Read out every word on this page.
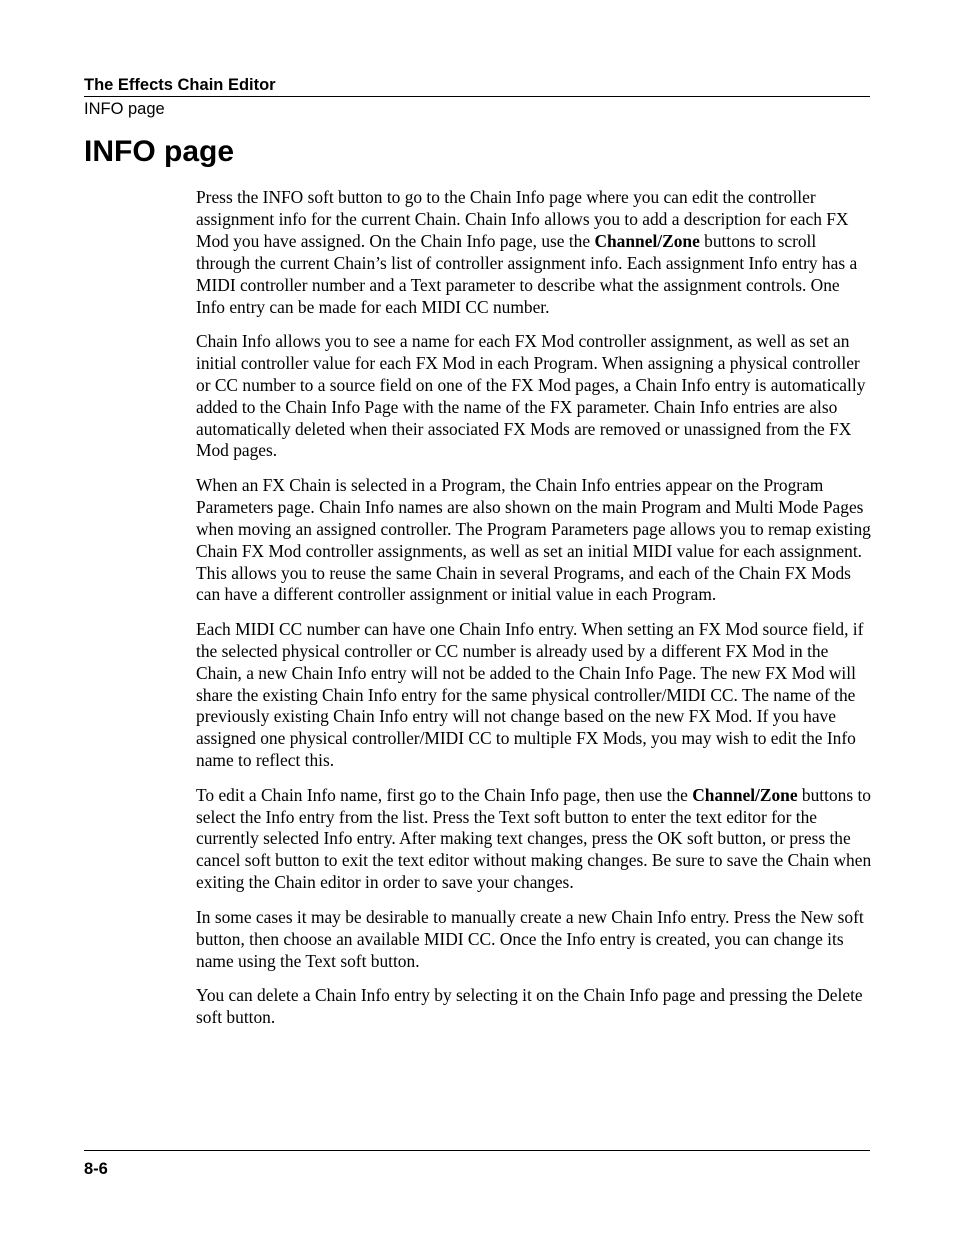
The Effects Chain Editor
INFO page
INFO page

Press the INFO soft button to go to the Chain Info page where you can edit the controller assignment info for the current Chain. Chain Info allows you to add a description for each FX Mod you have assigned. On the Chain Info page, use the Channel/Zone buttons to scroll through the current Chain’s list of controller assignment info. Each assignment Info entry has a MIDI controller number and a Text parameter to describe what the assignment controls. One Info entry can be made for each MIDI CC number.

Chain Info allows you to see a name for each FX Mod controller assignment, as well as set an initial controller value for each FX Mod in each Program. When assigning a physical controller or CC number to a source field on one of the FX Mod pages, a Chain Info entry is automatically added to the Chain Info Page with the name of the FX parameter. Chain Info entries are also automatically deleted when their associated FX Mods are removed or unassigned from the FX Mod pages.

When an FX Chain is selected in a Program, the Chain Info entries appear on the Program Parameters page. Chain Info names are also shown on the main Program and Multi Mode Pages when moving an assigned controller. The Program Parameters page allows you to remap existing Chain FX Mod controller assignments, as well as set an initial MIDI value for each assignment. This allows you to reuse the same Chain in several Programs, and each of the Chain FX Mods can have a different controller assignment or initial value in each Program.

Each MIDI CC number can have one Chain Info entry. When setting an FX Mod source field, if the selected physical controller or CC number is already used by a different FX Mod in the Chain, a new Chain Info entry will not be added to the Chain Info Page. The new FX Mod will share the existing Chain Info entry for the same physical controller/MIDI CC. The name of the previously existing Chain Info entry will not change based on the new FX Mod. If you have assigned one physical controller/MIDI CC to multiple FX Mods, you may wish to edit the Info name to reflect this.

To edit a Chain Info name, first go to the Chain Info page, then use the Channel/Zone buttons to select the Info entry from the list. Press the Text soft button to enter the text editor for the currently selected Info entry. After making text changes, press the OK soft button, or press the cancel soft button to exit the text editor without making changes. Be sure to save the Chain when exiting the Chain editor in order to save your changes.

In some cases it may be desirable to manually create a new Chain Info entry. Press the New soft button, then choose an available MIDI CC. Once the Info entry is created, you can change its name using the Text soft button.

You can delete a Chain Info entry by selecting it on the Chain Info page and pressing the Delete soft button.

8-6
